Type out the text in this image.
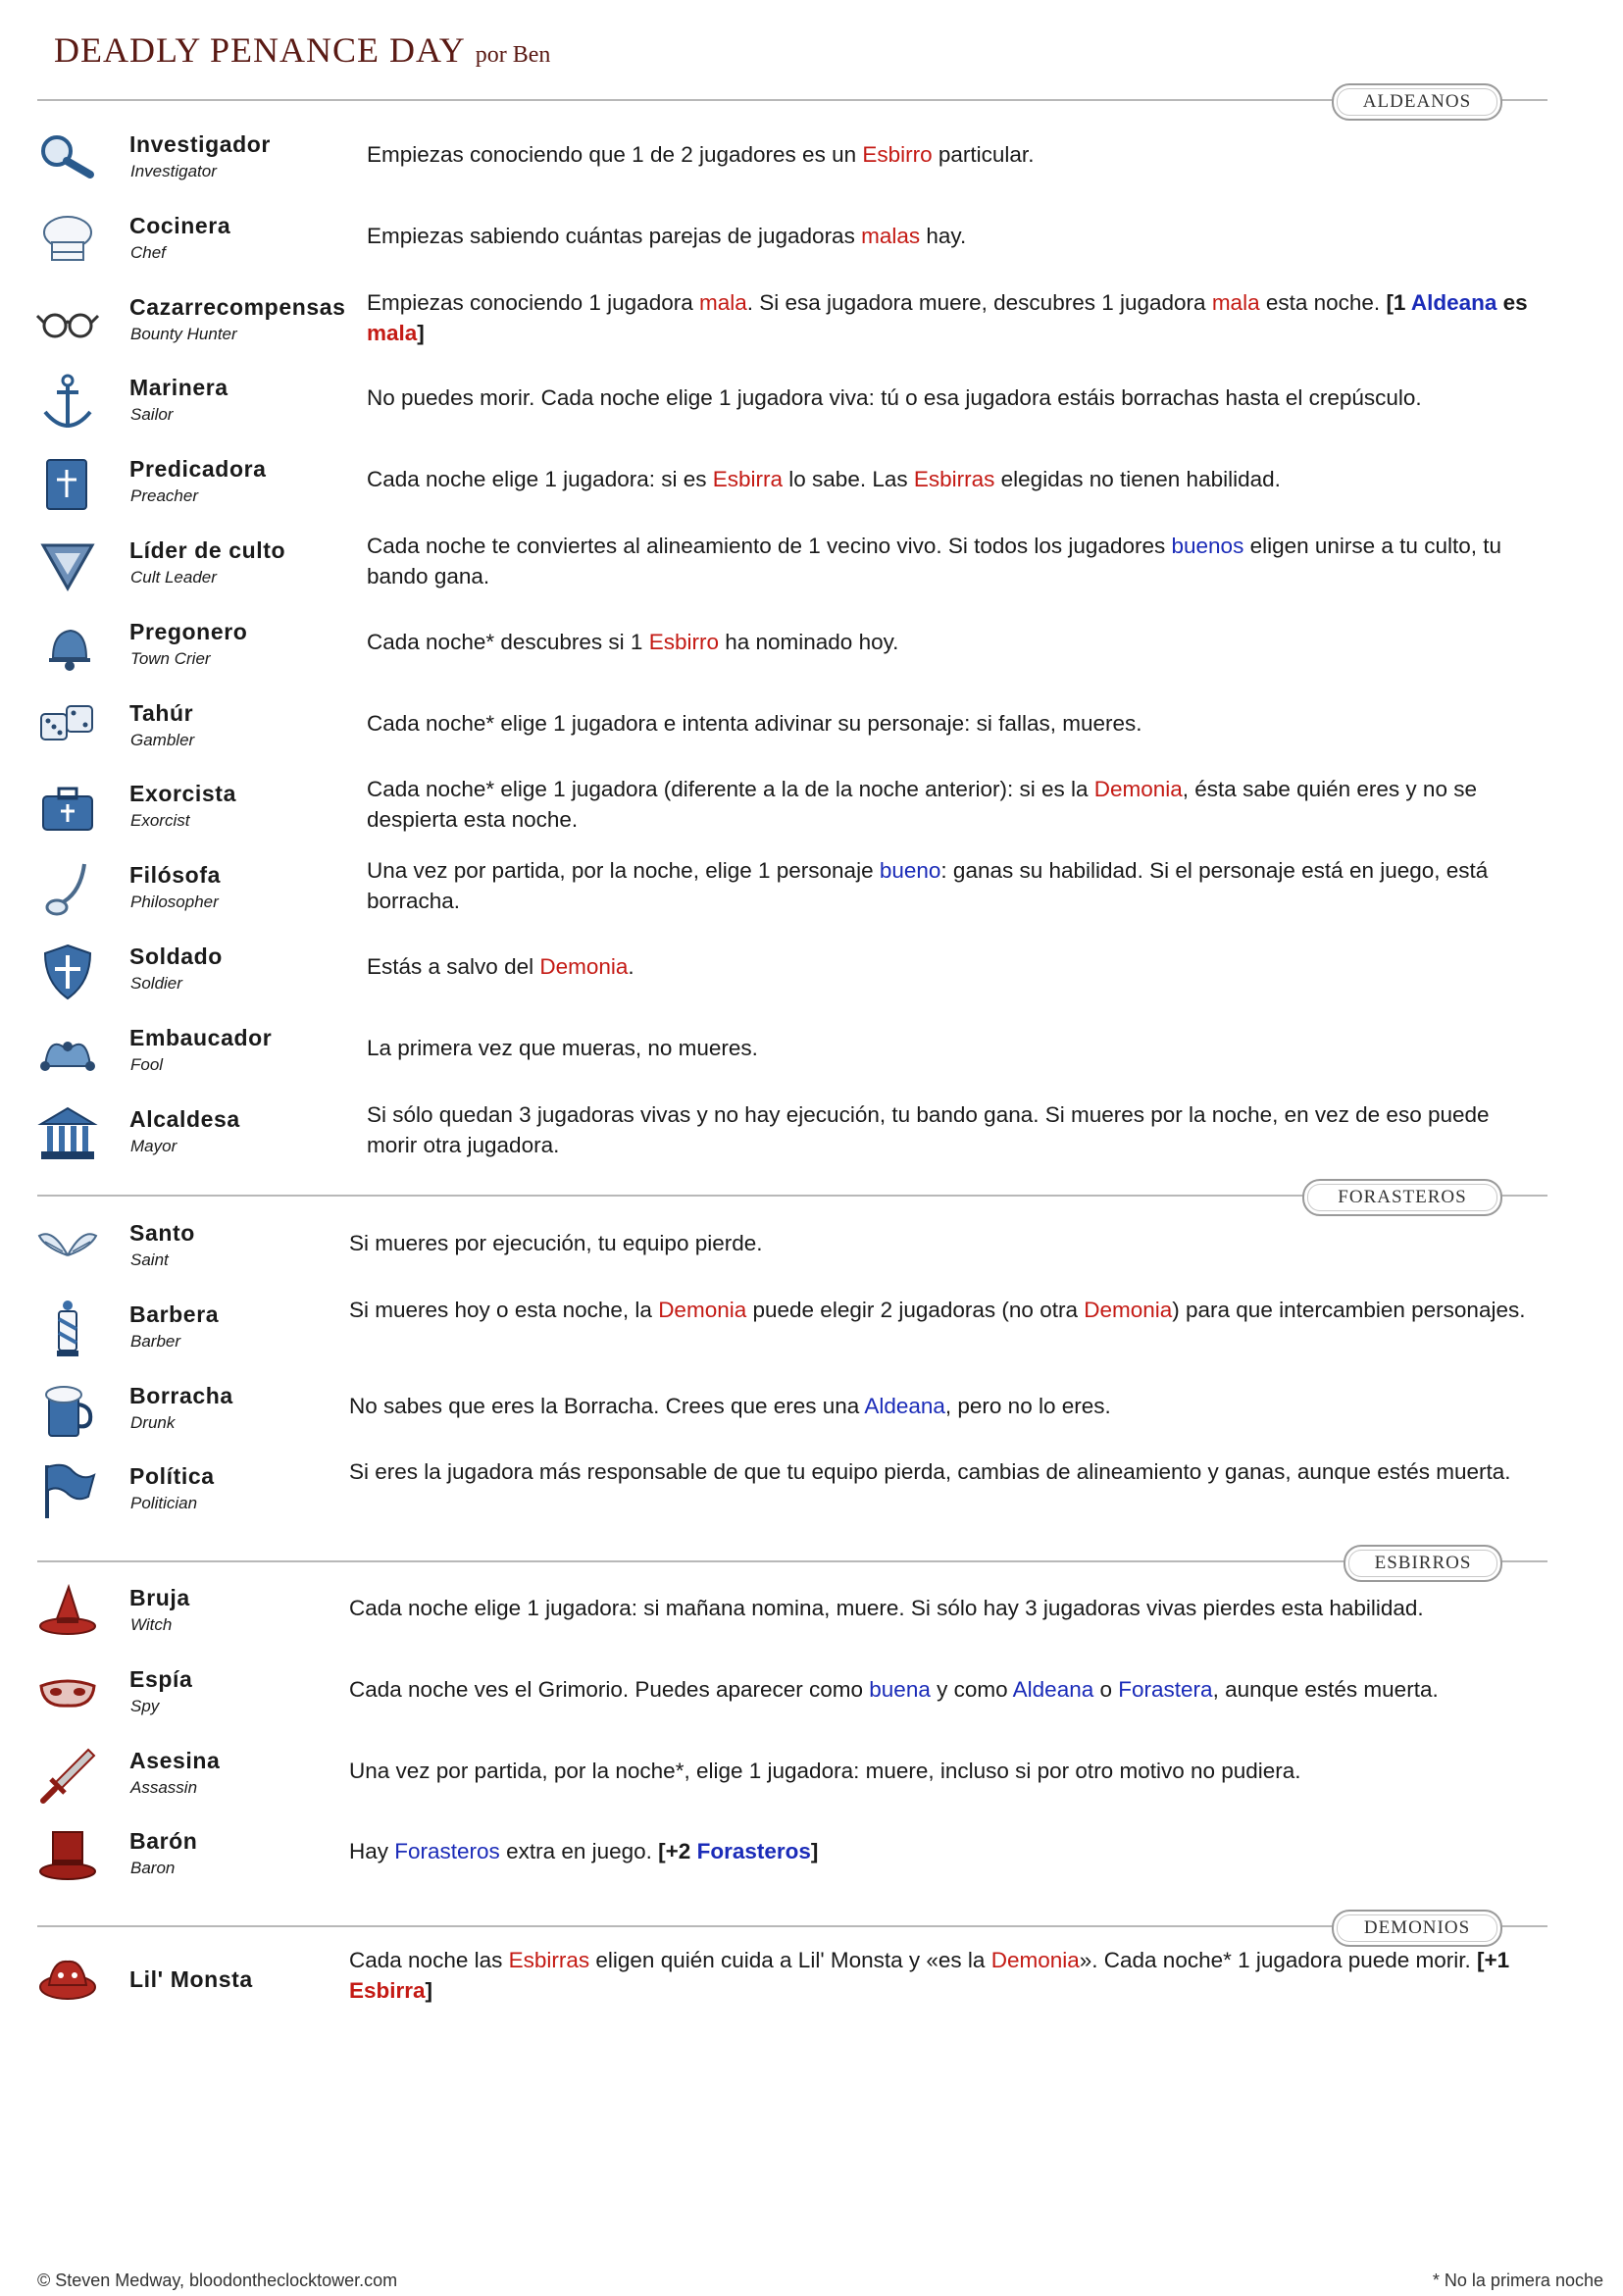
DEADLY PENANCE DAY por Ben
ALDEANOS
FORASTEROS
ESBIRROS
DEMONIOS
Investigador
Investigator
Empiezas conociendo que 1 de 2 jugadores es un Esbirro particular.
Cocinera
Chef
Empiezas sabiendo cuántas parejas de jugadoras malas hay.
Cazarrecompensas
Bounty Hunter
Empiezas conociendo 1 jugadora mala. Si esa jugadora muere, descubres 1 jugadora mala esta noche. [1 Aldeana es mala]
Marinera
Sailor
No puedes morir. Cada noche elige 1 jugadora viva: tú o esa jugadora estáis borrachas hasta el crepúsculo.
Predicadora
Preacher
Cada noche elige 1 jugadora: si es Esbirra lo sabe. Las Esbirras elegidas no tienen habilidad.
Líder de culto
Cult Leader
Cada noche te conviertes al alineamiento de 1 vecino vivo. Si todos los jugadores buenos eligen unirse a tu culto, tu bando gana.
Pregonero
Town Crier
Cada noche* descubres si 1 Esbirro ha nominado hoy.
Tahúr
Gambler
Cada noche* elige 1 jugadora e intenta adivinar su personaje: si fallas, mueres.
Exorcista
Exorcist
Cada noche* elige 1 jugadora (diferente a la de la noche anterior): si es la Demonia, ésta sabe quién eres y no se despierta esta noche.
Filósofa
Philosopher
Una vez por partida, por la noche, elige 1 personaje bueno: ganas su habilidad. Si el personaje está en juego, está borracha.
Soldado
Soldier
Estás a salvo del Demonia.
Embaucador
Fool
La primera vez que mueras, no mueres.
Alcaldesa
Mayor
Si sólo quedan 3 jugadoras vivas y no hay ejecución, tu bando gana. Si mueres por la noche, en vez de eso puede morir otra jugadora.
Santo
Saint
Si mueres por ejecución, tu equipo pierde.
Barbera
Barber
Si mueres hoy o esta noche, la Demonia puede elegir 2 jugadoras (no otra Demonia) para que intercambien personajes.
Borracha
Drunk
No sabes que eres la Borracha. Crees que eres una Aldeana, pero no lo eres.
Política
Politician
Si eres la jugadora más responsable de que tu equipo pierda, cambias de alineamiento y ganas, aunque estés muerta.
Bruja
Witch
Cada noche elige 1 jugadora: si mañana nomina, muere. Si sólo hay 3 jugadoras vivas pierdes esta habilidad.
Espía
Spy
Cada noche ves el Grimorio. Puedes aparecer como buena y como Aldeana o Forastera, aunque estés muerta.
Asesina
Assassin
Una vez por partida, por la noche*, elige 1 jugadora: muere, incluso si por otro motivo no pudiera.
Barón
Baron
Hay Forasteros extra en juego. [+2 Forasteros]
Lil' Monsta
Cada noche las Esbirras eligen quién cuida a Lil' Monsta y «es la Demonia». Cada noche* 1 jugadora puede morir. [+1 Esbirra]
© Steven Medway, bloodontheclocktower.com	* No la primera noche
